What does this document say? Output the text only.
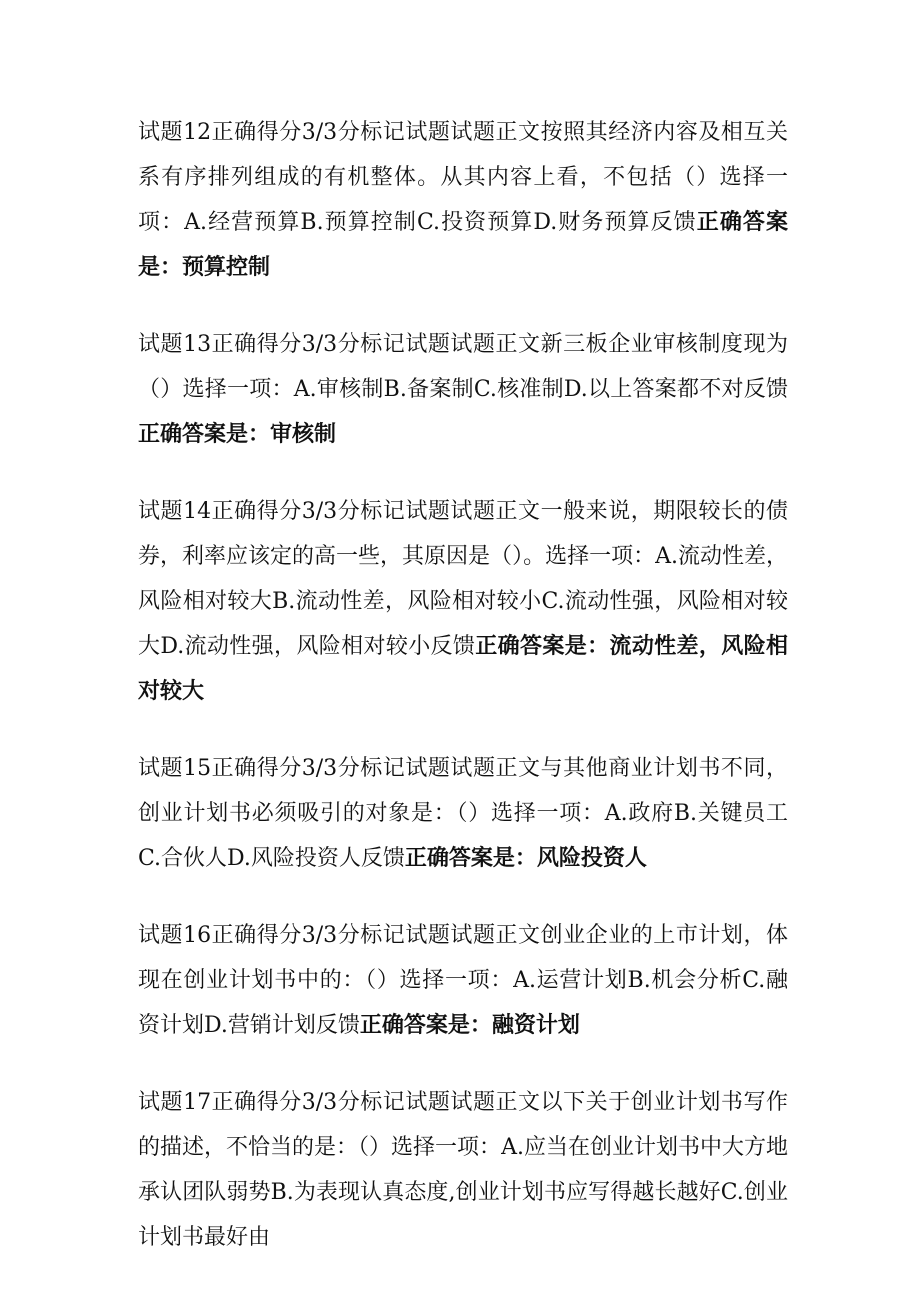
试题12正确得分3/3分标记试题试题正文按照其经济内容及相互关系有序排列组成的有机整体。从其内容上看，不包括（）选择一项：A.经营预算B.预算控制C.投资预算D.财务预算反馈正确答案是：预算控制

试题13正确得分3/3分标记试题试题正文新三板企业审核制度现为（）选择一项：A.审核制B.备案制C.核准制D.以上答案都不对反馈正确答案是：审核制

试题14正确得分3/3分标记试题试题正文一般来说，期限较长的债券，利率应该定的高一些，其原因是（）。选择一项：A.流动性差，风险相对较大B.流动性差，风险相对较小C.流动性强，风险相对较大D.流动性强，风险相对较小反馈正确答案是：流动性差，风险相对较大

试题15正确得分3/3分标记试题试题正文与其他商业计划书不同，创业计划书必须吸引的对象是：（）选择一项：A.政府B.关键员工C.合伙人D.风险投资人反馈正确答案是：风险投资人

试题16正确得分3/3分标记试题试题正文创业企业的上市计划，体现在创业计划书中的：（）选择一项：A.运营计划B.机会分析C.融资计划D.营销计划反馈正确答案是：融资计划

试题17正确得分3/3分标记试题试题正文以下关于创业计划书写作的描述，不恰当的是：（）选择一项：A.应当在创业计划书中大方地承认团队弱势B.为表现认真态度,创业计划书应写得越长越好C.创业计划书最好由
